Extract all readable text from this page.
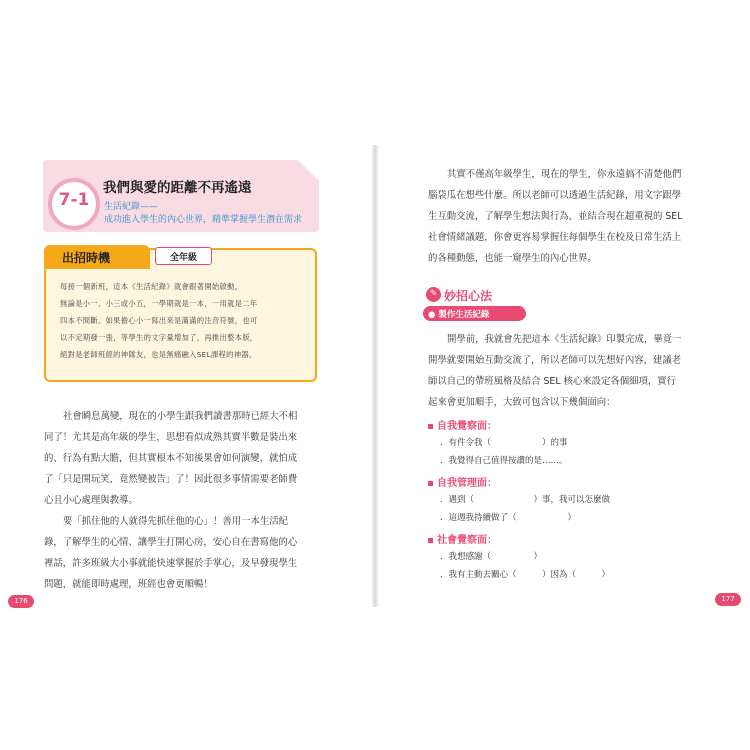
7-1
我們與愛的距離不再遙遠
生活紀錄——
成功進入學生的內心世界，精準掌握學生潛在需求
出招時機	全年級
每接一個新班，這本《生活紀錄》就會跟著開始啟動，
無論是小一、小三或小五，一學期就是一本，一用就是二年
四本不間斷。如果擔心小一寫出來是滿滿的注音符號，也可
以不定期發一張，等學生的文字量增加了，再推出整本版，
絕對是老師班經的神隊友，也是無痛融入SEL課程的神器。
社會瞬息萬變，現在的小學生跟我們讀書那時已經大不相
同了！尤其是高年級的學生，思想看似成熟其實半數是裝出來
的、行為有點大膽，但其實根本不知後果會如何演變，就怕成
了「只是開玩笑，竟然變被告」了！因此很多事情需要老師費
心且小心處理與教導。
要「抓住他的人就得先抓住他的心」！善用一本生活紀
錄，了解學生的心情、讓學生打開心房，安心自在書寫他的心
裡話，許多班級大小事就能快速掌握於手掌心，及早發現學生
問題，就能即時處理，班經也會更順暢！
176
其實不僅高年級學生，現在的學生，你永遠搞不清楚他們
腦袋瓜在想些什麼。所以老師可以透過生活紀錄，用文字跟學
生互動交流，了解學生想法與行為，並結合現在超重視的 SEL
社會情緒議題，你會更容易掌握住每個學生在校及日常生活上
的各種動態，也能一窺學生的內心世界。
✎ 妙招心法
● 製作生活紀錄
開學前，我就會先把這本《生活紀錄》印製完成，畢竟一
開學就要開始互動交流了，所以老師可以先想好內容，建議老
師以自己的帶班風格及結合 SEL 核心來設定各個細項，實行
起來會更加順手，大致可包含以下幾個面向：
自我覺察面：
．有件令我（　　　　　　）的事
．我覺得自己值得按讚的是……。
自我管理面：
．遇到（　　　　　　　）事，我可以怎麼做
．這週我持續做了（　　　　　　）
社會覺察面：
．我想感謝（　　　　　）
．我有主動去關心（　　　）因為（　　　）
177
